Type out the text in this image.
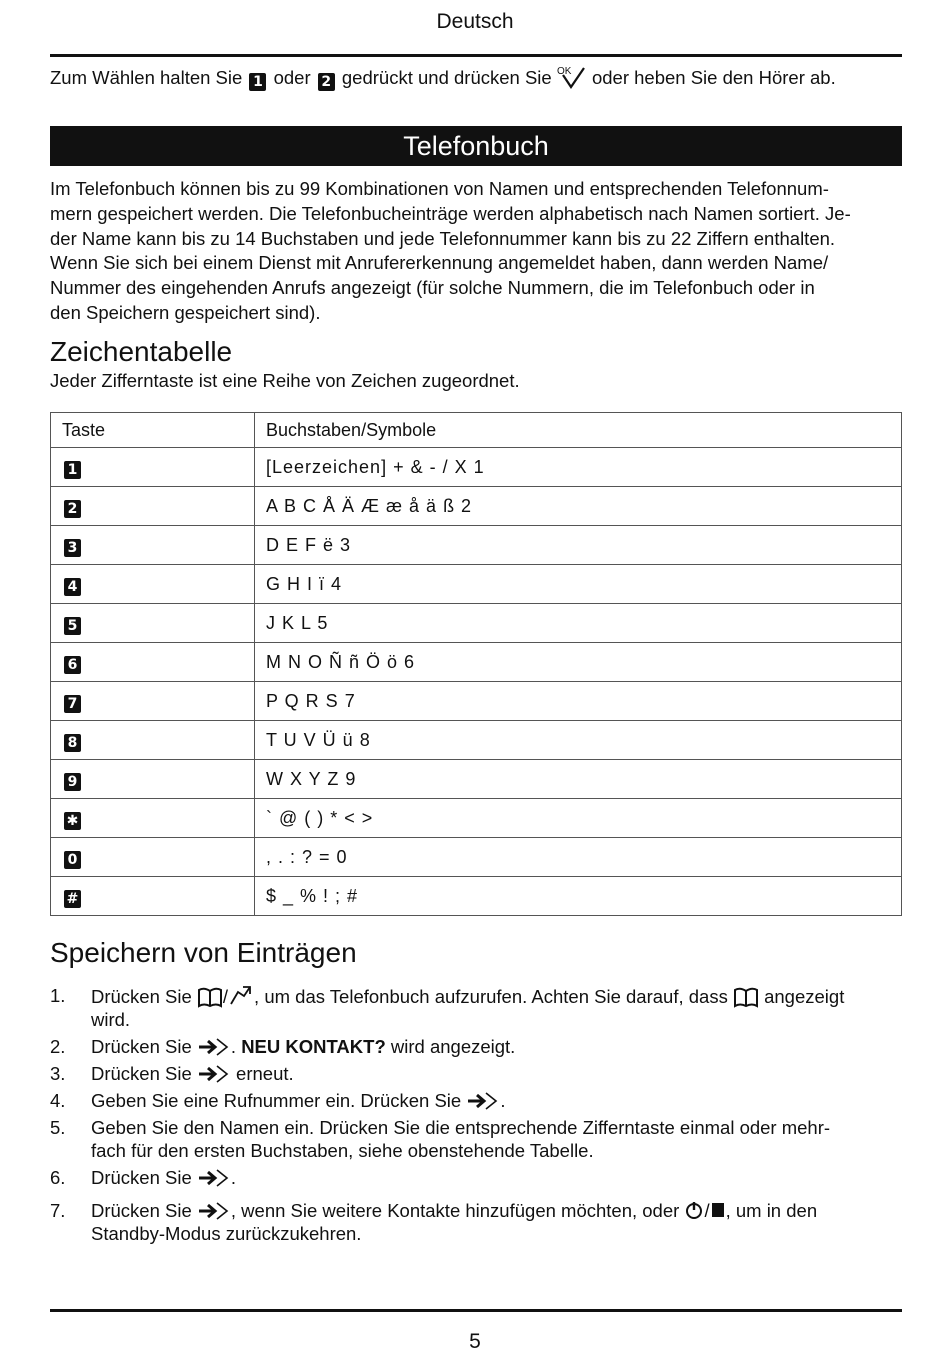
Deutsch
Zum Wählen halten Sie 1 oder 2 gedrückt und drücken Sie OK oder heben Sie den Hörer ab.
Telefonbuch
Im Telefonbuch können bis zu 99 Kombinationen von Namen und entsprechenden Telefonnum-
mern gespeichert werden. Die Telefonbucheinträge werden alphabetisch nach Namen sortiert. Je-
der Name kann bis zu 14 Buchstaben und jede Telefonnummer kann bis zu 22 Ziffern enthalten.
Wenn Sie sich bei einem Dienst mit Anrufererkennung angemeldet haben, dann werden Name/
Nummer des eingehenden Anrufs angezeigt (für solche Nummern, die im Telefonbuch oder in
den Speichern gespeichert sind).
Zeichentabelle
Jeder Zifferntaste ist eine Reihe von Zeichen zugeordnet.
Taste	Buchstaben/Symbole
1	[Leerzeichen] + & - / X 1
2	A B C Å Ä Æ æ å ä ß 2
3	D E F ë 3
4	G H I ï 4
5	J K L 5
6	M N O Ñ ñ Ö ö 6
7	P Q R S 7
8	T U V Ü ü 8
9	W X Y Z 9
✱	` @ ( ) * < >
0	, . : ? = 0
#	$ _ % ! ; #
Speichern von Einträgen
1. Drücken Sie / , um das Telefonbuch aufzurufen. Achten Sie darauf, dass angezeigt
wird.
2. Drücken Sie . NEU KONTAKT? wird angezeigt.
3. Drücken Sie erneut.
4. Geben Sie eine Rufnummer ein. Drücken Sie .
5. Geben Sie den Namen ein. Drücken Sie die entsprechende Zifferntaste einmal oder mehr-
fach für den ersten Buchstaben, siehe obenstehende Tabelle.
6. Drücken Sie .
7. Drücken Sie , wenn Sie weitere Kontakte hinzufügen möchten, oder / , um in den
Standby-Modus zurückzukehren.
5
